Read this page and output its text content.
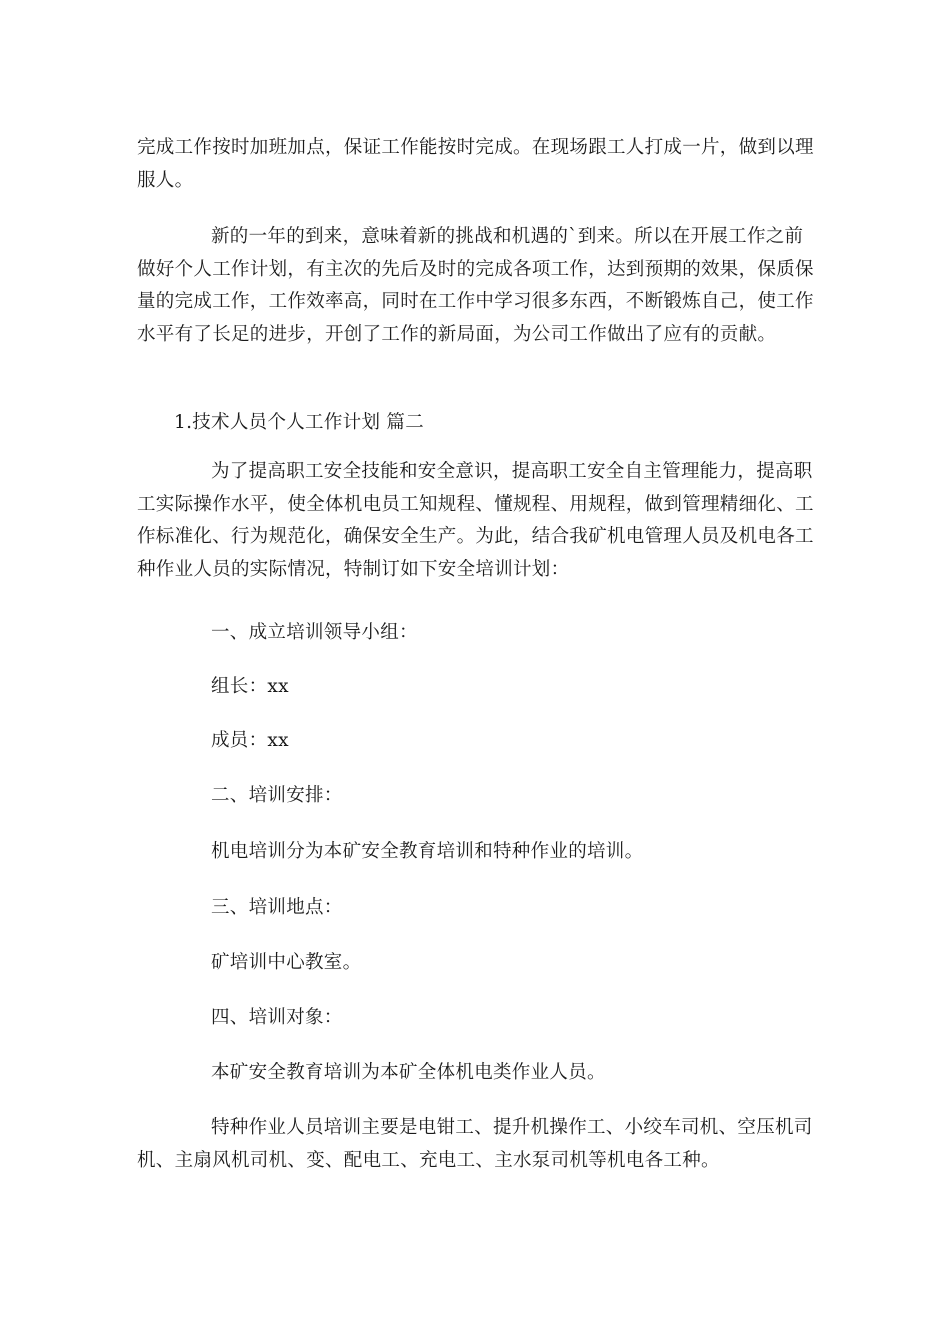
完成工作按时加班加点，保证工作能按时完成。在现场跟工人打成一片，做到以理服人。

新的一年的到来，意味着新的挑战和机遇的`到来。所以在开展工作之前做好个人工作计划，有主次的先后及时的完成各项工作，达到预期的效果，保质保量的完成工作，工作效率高，同时在工作中学习很多东西，不断锻炼自己，使工作水平有了长足的进步，开创了工作的新局面，为公司工作做出了应有的贡献。

1.技术人员个人工作计划 篇二

为了提高职工安全技能和安全意识，提高职工安全自主管理能力，提高职工实际操作水平，使全体机电员工知规程、懂规程、用规程，做到管理精细化、工作标准化、行为规范化，确保安全生产。为此，结合我矿机电管理人员及机电各工种作业人员的实际情况，特制订如下安全培训计划：

一、成立培训领导小组：

组长：xx

成员：xx

二、培训安排：

机电培训分为本矿安全教育培训和特种作业的培训。

三、培训地点：

矿培训中心教室。

四、培训对象：

本矿安全教育培训为本矿全体机电类作业人员。

特种作业人员培训主要是电钳工、提升机操作工、小绞车司机、空压机司机、主扇风机司机、变、配电工、充电工、主水泵司机等机电各工种。
